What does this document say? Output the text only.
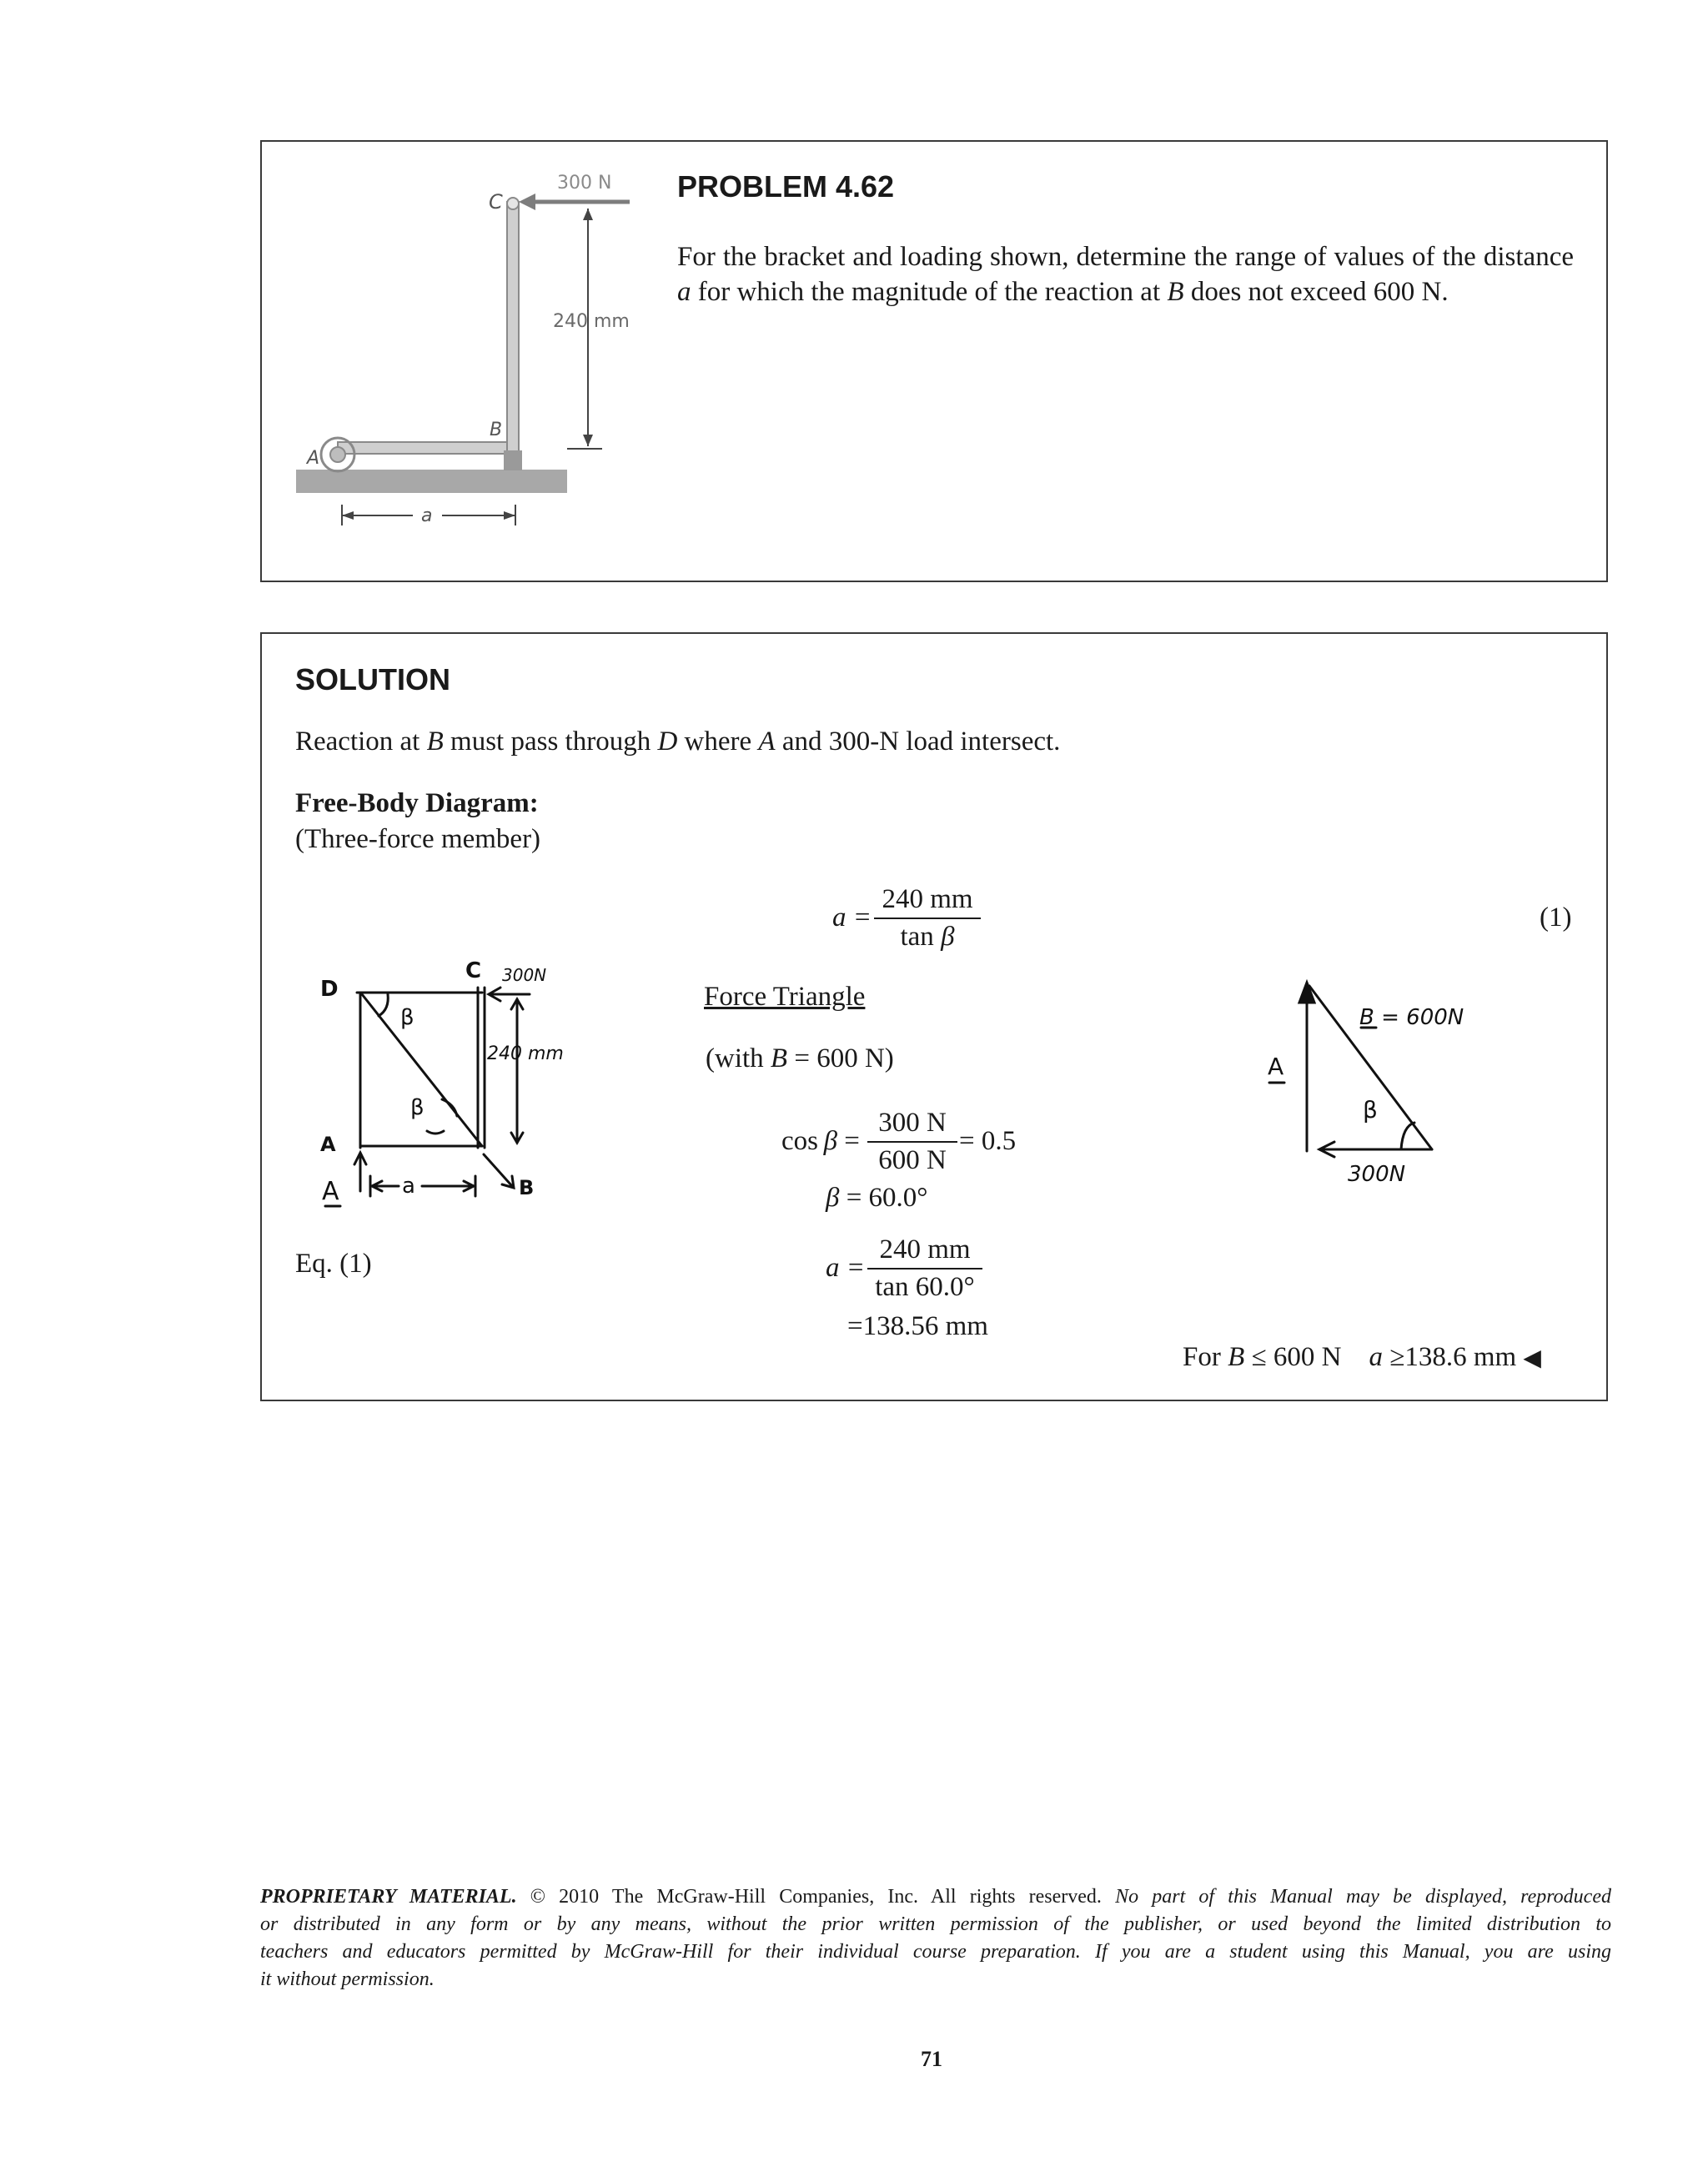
300 N
C
240 mm
B
A
a
PROBLEM 4.62
For the bracket and loading shown, determine the range of values of the distance a for which the magnitude of the reaction at B does not exceed 600 N.
SOLUTION
Reaction at B must pass through D where A and 300-N load intersect.
Free-Body Diagram:
(Three-force member)
$a = \frac{240 mm}{\text{tan β}}$	(1)
D
C 300N
240 mm
β
β
A
A	a	B
Force Triangle
(with B = 600 N)
$\cos \beta = \frac{300 N}{600 N} = 0.5$
β = 60.0°
Eq. (1)	$a = \frac{240 mm}{\tan 60.0^\circ}$
=138.56 mm
B = 600N
A
β
300N
For B ≤ 600 N a ≥138.6 mm ◀
PROPRIETARY MATERIAL. © 2010 The McGraw-Hill Companies, Inc. All rights reserved. No part of this Manual may be displayed, reproduced
or distributed in any form or by any means, without the prior written permission of the publisher, or used beyond the limited distribution to
teachers and educators permitted by McGraw-Hill for their individual course preparation. If you are a student using this Manual, you are using
it without permission.
71
